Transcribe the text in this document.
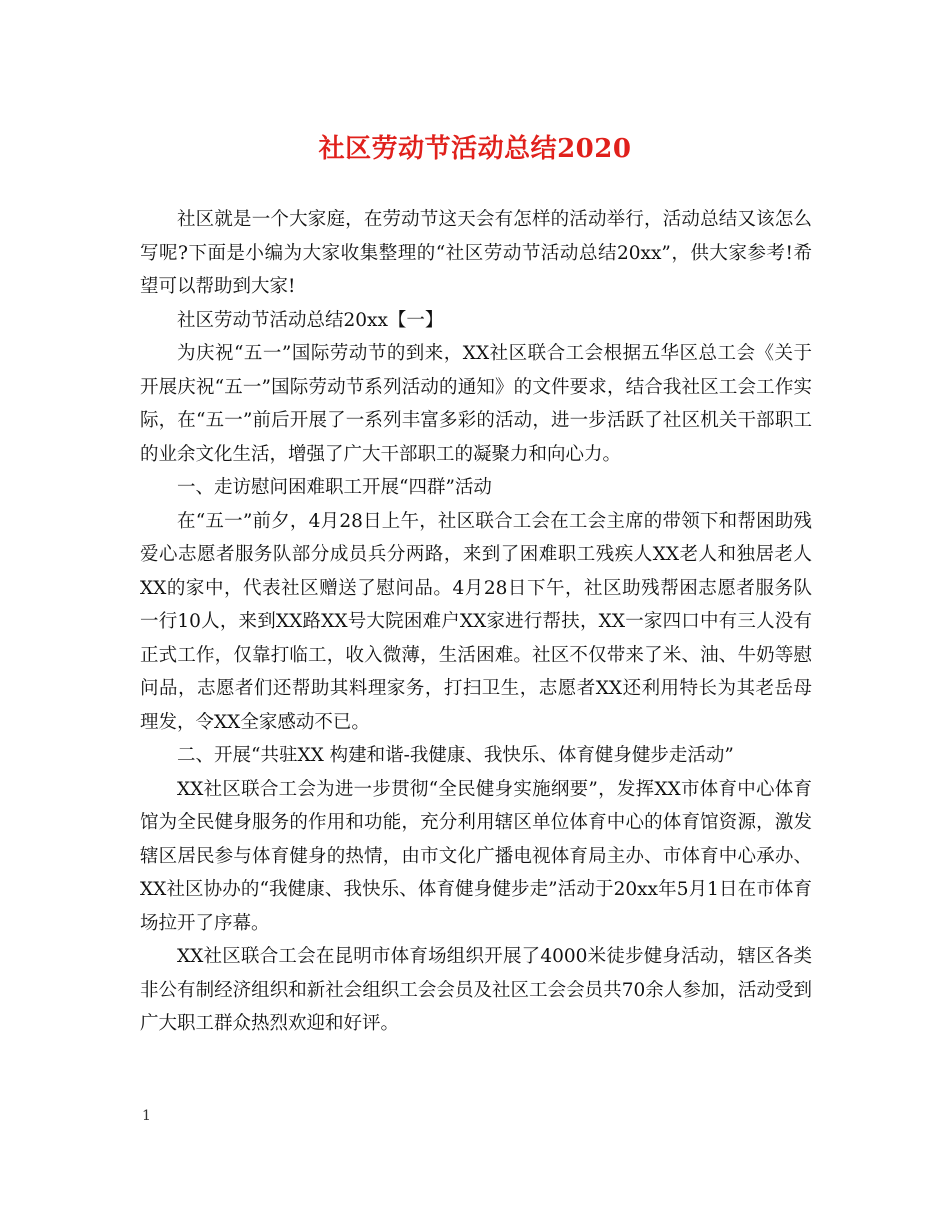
社区劳动节活动总结2020

社区就是一个大家庭，在劳动节这天会有怎样的活动举行，活动总结又该怎么写呢?下面是小编为大家收集整理的“社区劳动节活动总结20xx”，供大家参考!希望可以帮助到大家!

社区劳动节活动总结20xx【一】

为庆祝“五一”国际劳动节的到来，XX社区联合工会根据五华区总工会《关于开展庆祝“五一”国际劳动节系列活动的通知》的文件要求，结合我社区工会工作实际，在“五一”前后开展了一系列丰富多彩的活动，进一步活跃了社区机关干部职工的业余文化生活，增强了广大干部职工的凝聚力和向心力。

一、走访慰问困难职工开展“四群”活动

在“五一”前夕，4月28日上午，社区联合工会在工会主席的带领下和帮困助残爱心志愿者服务队部分成员兵分两路，来到了困难职工残疾人XX老人和独居老人XX的家中，代表社区赠送了慰问品。4月28日下午，社区助残帮困志愿者服务队一行10人，来到XX路XX号大院困难户XX家进行帮扶，XX一家四口中有三人没有正式工作，仅靠打临工，收入微薄，生活困难。社区不仅带来了米、油、牛奶等慰问品，志愿者们还帮助其料理家务，打扫卫生，志愿者XX还利用特长为其老岳母理发，令XX全家感动不已。

二、开展“共驻XX 构建和谐-我健康、我快乐、体育健身健步走活动”

XX社区联合工会为进一步贯彻“全民健身实施纲要”，发挥XX市体育中心体育馆为全民健身服务的作用和功能，充分利用辖区单位体育中心的体育馆资源，激发辖区居民参与体育健身的热情，由市文化广播电视体育局主办、市体育中心承办、XX社区协办的“我健康、我快乐、体育健身健步走”活动于20xx年5月1日在市体育场拉开了序幕。

XX社区联合工会在昆明市体育场组织开展了4000米徒步健身活动，辖区各类非公有制经济组织和新社会组织工会会员及社区工会会员共70余人参加，活动受到广大职工群众热烈欢迎和好评。

1
